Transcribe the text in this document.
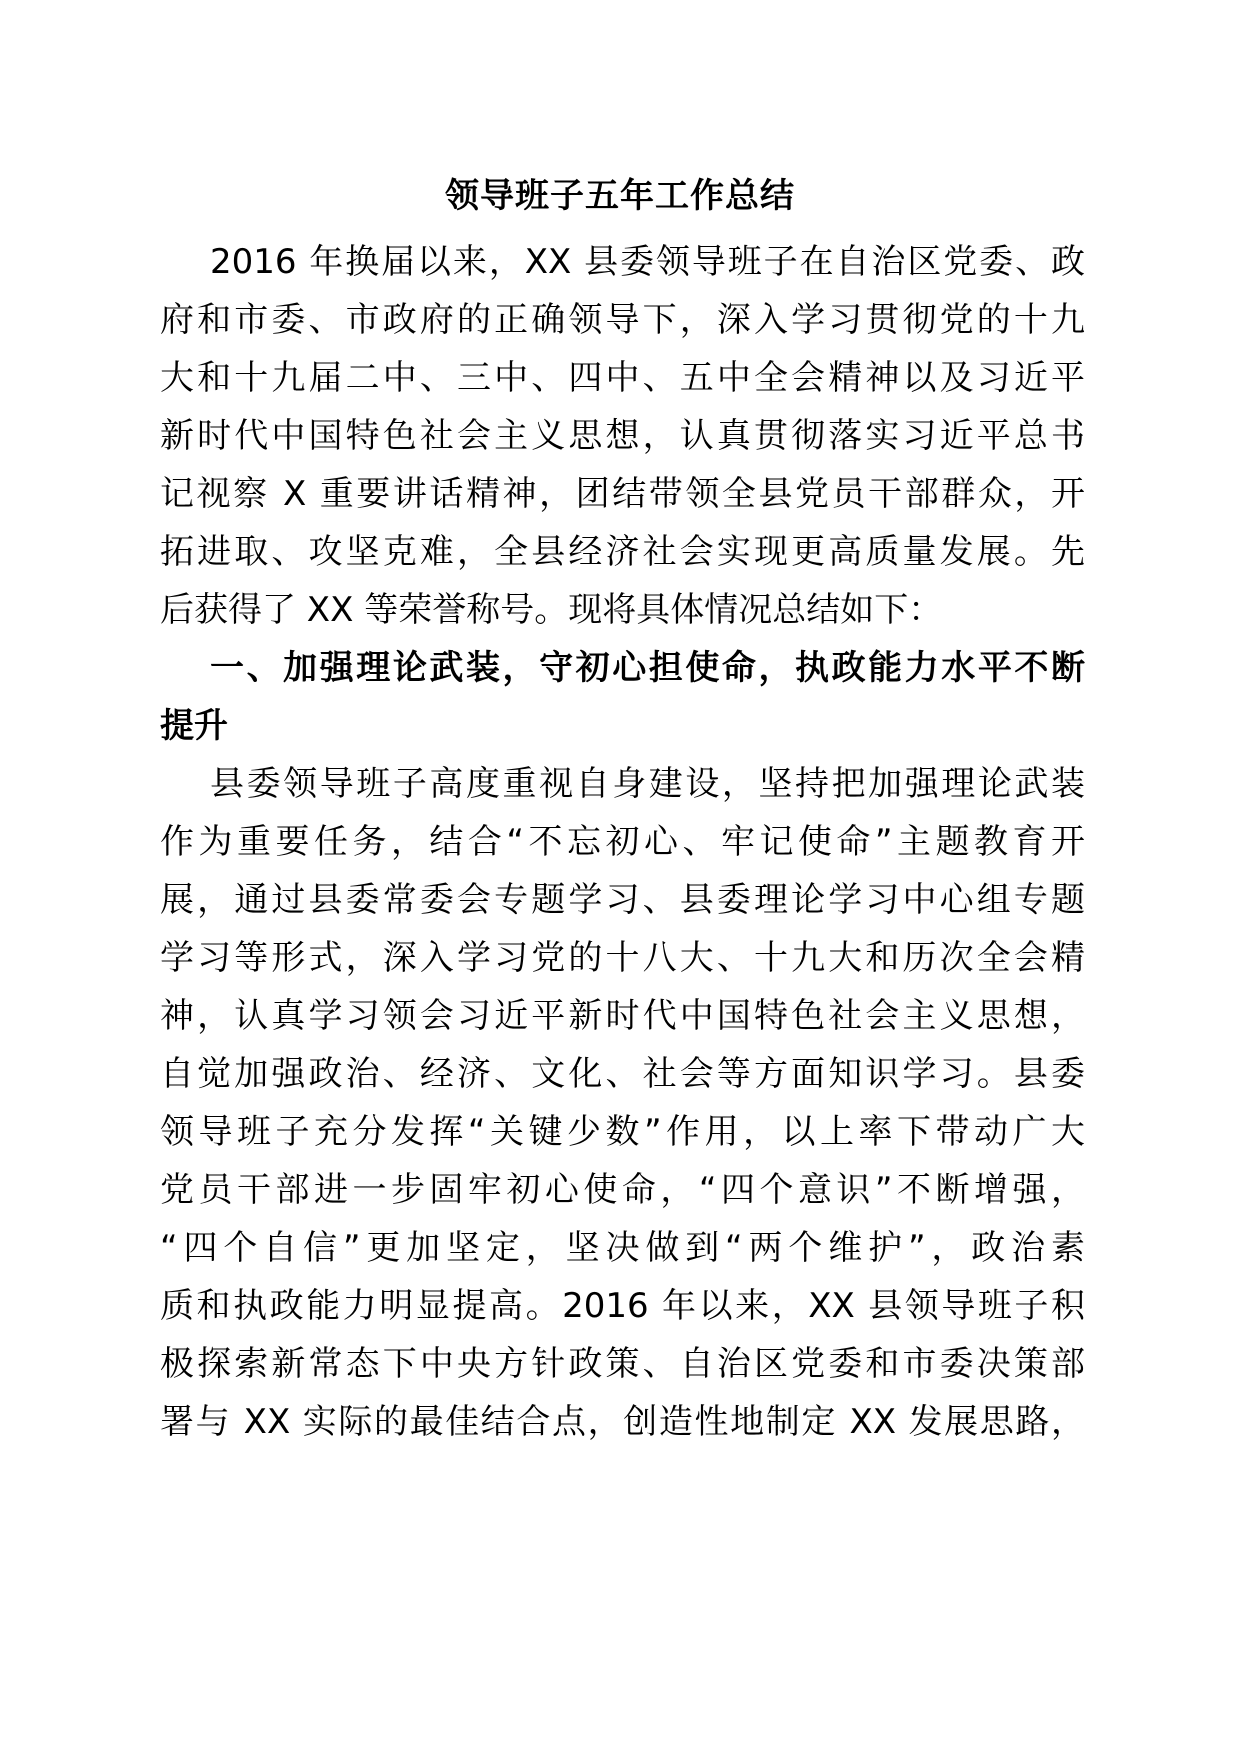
领导班子五年工作总结
2016 年换届以来，XX 县委领导班子在自治区党委、政
府和市委、市政府的正确领导下，深入学习贯彻党的十九
大和十九届二中、三中、四中、五中全会精神以及习近平
新时代中国特色社会主义思想，认真贯彻落实习近平总书
记视察 X 重要讲话精神，团结带领全县党员干部群众，开
拓进取、攻坚克难，全县经济社会实现更高质量发展。先
后获得了 XX 等荣誉称号。现将具体情况总结如下：
一、加强理论武装，守初心担使命，执政能力水平不断
提升
县委领导班子高度重视自身建设，坚持把加强理论武装
作为重要任务，结合“不忘初心、牢记使命”主题教育开
展，通过县委常委会专题学习、县委理论学习中心组专题
学习等形式，深入学习党的十八大、十九大和历次全会精
神，认真学习领会习近平新时代中国特色社会主义思想，
自觉加强政治、经济、文化、社会等方面知识学习。县委
领导班子充分发挥“关键少数”作用，以上率下带动广大
党员干部进一步固牢初心使命，“四个意识”不断增强，
“四个自信”更加坚定，坚决做到“两个维护”，政治素
质和执政能力明显提高。2016 年以来，XX 县领导班子积
极探索新常态下中央方针政策、自治区党委和市委决策部
署与 XX 实际的最佳结合点，创造性地制定 XX 发展思路，
